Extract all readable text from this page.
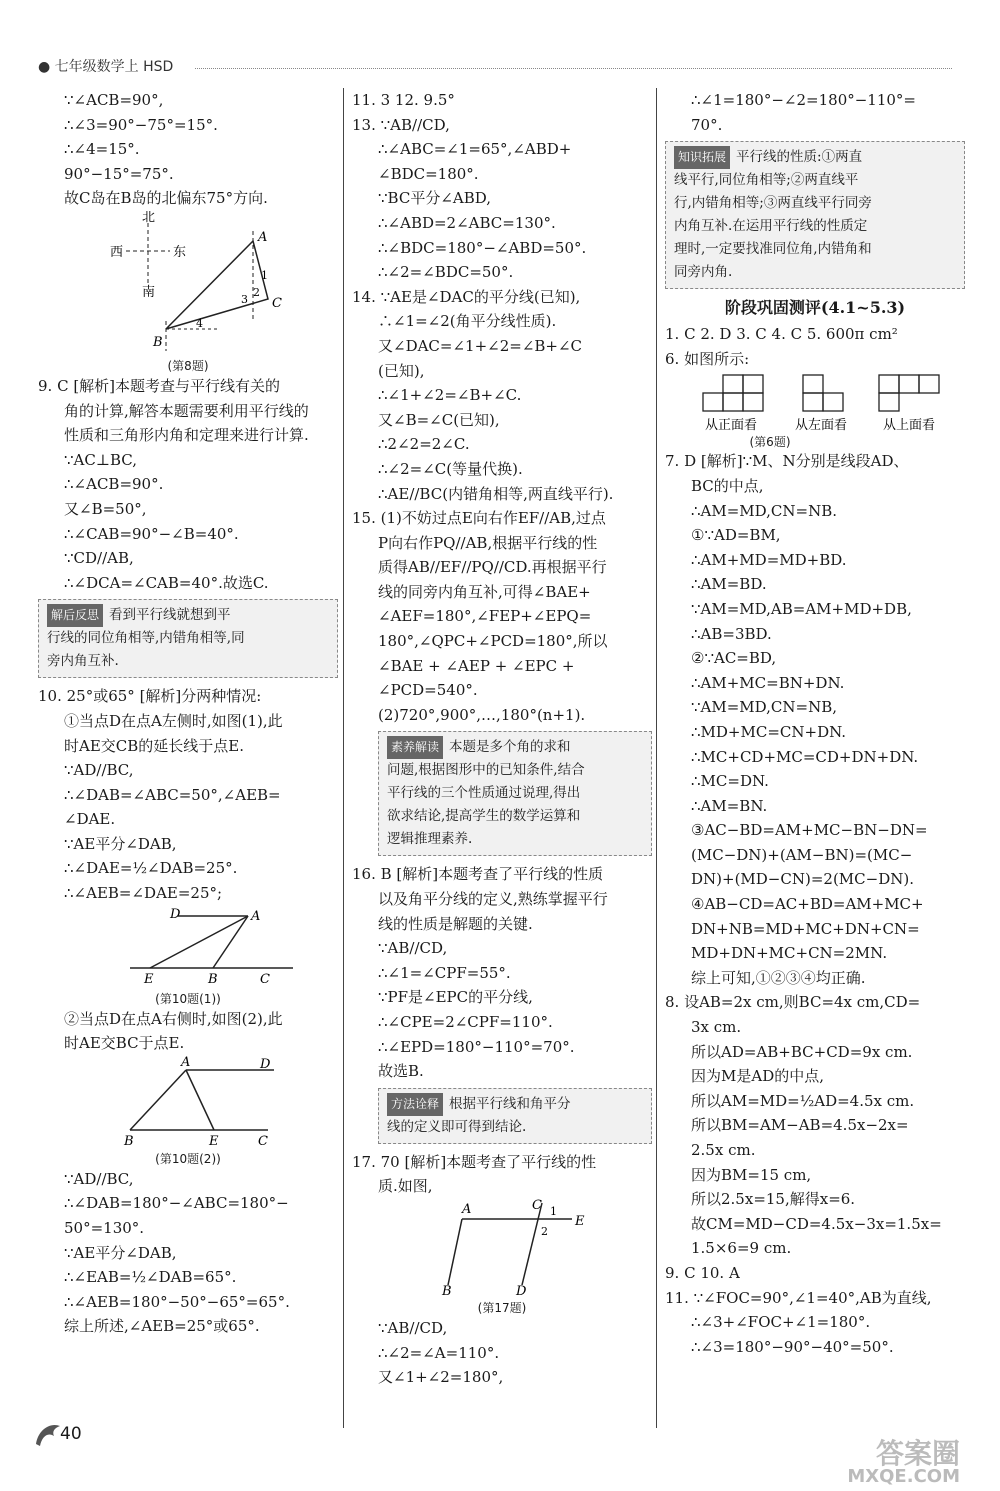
● 七年级数学上 HSD
∵∠ACB=90°,
∴∠3=90°−75°=15°.
∴∠4=15°.
90°−15°=75°.
故C岛在B岛的北偏东75°方向.
北
西	东
南
A
B
C
1
2
3
4
(第8题)
9. C [解析]本题考查与平行线有关的
角的计算,解答本题需要利用平行线的
性质和三角形内角和定理来进行计算.
∵AC⊥BC,
∴∠ACB=90°.
又∠B=50°,
∴∠CAB=90°−∠B=40°.
∵CD//AB,
∴∠DCA=∠CAB=40°.故选C.
解后反思 看到平行线就想到平
行线的同位角相等,内错角相等,同
旁内角互补.
10. 25°或65° [解析]分两种情况:
①当点D在点A左侧时,如图(1),此
时AE交CB的延长线于点E.
∵AD//BC,
∴∠DAB=∠ABC=50°,∠AEB=
∠DAE.
∵AE平分∠DAB,
∴∠DAE=½∠DAB=25°.
∴∠AEB=∠DAE=25°;
D	A
E	B	C
(第10题(1))
②当点D在点A右侧时,如图(2),此
时AE交BC于点E.
A	D
B	E	C
(第10题(2))
∵AD//BC,
∴∠DAB=180°−∠ABC=180°−
50°=130°.
∵AE平分∠DAB,
∴∠EAB=½∠DAB=65°.
∴∠AEB=180°−50°−65°=65°.
综上所述,∠AEB=25°或65°.
11. 3 12. 9.5°
13. ∵AB//CD,
∴∠ABC=∠1=65°,∠ABD+
∠BDC=180°.
∵BC平分∠ABD,
∴∠ABD=2∠ABC=130°.
∴∠BDC=180°−∠ABD=50°.
∴∠2=∠BDC=50°.
14. ∵AE是∠DAC的平分线(已知),
∴∠1=∠2(角平分线性质).
又∠DAC=∠1+∠2=∠B+∠C
(已知),
∴∠1+∠2=∠B+∠C.
又∠B=∠C(已知),
∴2∠2=2∠C.
∴∠2=∠C(等量代换).
∴AE//BC(内错角相等,两直线平行).
15. (1)不妨过点E向右作EF//AB,过点
P向右作PQ//AB,根据平行线的性
质得AB//EF//PQ//CD.再根据平行
线的同旁内角互补,可得∠BAE+
∠AEF=180°,∠FEP+∠EPQ=
180°,∠QPC+∠PCD=180°,所以
∠BAE + ∠AEP + ∠EPC +
∠PCD=540°.
(2)720°,900°,…,180°(n+1).
素养解读 本题是多个角的求和
问题,根据图形中的已知条件,结合
平行线的三个性质通过说理,得出
欲求结论,提高学生的数学运算和
逻辑推理素养.
16. B [解析]本题考查了平行线的性质
以及角平分线的定义,熟练掌握平行
线的性质是解题的关键.
∵AB//CD,
∴∠1=∠CPF=55°.
∵PF是∠EPC的平分线,
∴∠CPE=2∠CPF=110°.
∴∠EPD=180°−110°=70°.
故选B.
方法诠释 根据平行线和角平分
线的定义即可得到结论.
17. 70 [解析]本题考查了平行线的性
质.如图,
A	C
E
B	D
1
2
(第17题)
∵AB//CD,
∴∠2=∠A=110°.
又∠1+∠2=180°,
∴∠1=180°−∠2=180°−110°=
70°.
知识拓展 平行线的性质:①两直
线平行,同位角相等;②两直线平
行,内错角相等;③两直线平行同旁
内角互补.在运用平行线的性质定
理时,一定要找准同位角,内错角和
同旁内角.
阶段巩固测评(4.1~5.3)
1. C 2. D 3. C 4. C 5. 600π cm²
6. 如图所示:
从正面看	从左面看	从上面看
(第6题)
7. D [解析]∵M、N分别是线段AD、
BC的中点,
∴AM=MD,CN=NB.
①∵AD=BM,
∴AM+MD=MD+BD.
∴AM=BD.
∵AM=MD,AB=AM+MD+DB,
∴AB=3BD.
②∵AC=BD,
∴AM+MC=BN+DN.
∵AM=MD,CN=NB,
∴MD+MC=CN+DN.
∴MC+CD+MC=CD+DN+DN.
∴MC=DN.
∴AM=BN.
③AC−BD=AM+MC−BN−DN=
(MC−DN)+(AM−BN)=(MC−
DN)+(MD−CN)=2(MC−DN).
④AB−CD=AC+BD=AM+MC+
DN+NB=MD+MC+DN+CN=
MD+DN+MC+CN=2MN.
综上可知,①②③④均正确.
8. 设AB=2x cm,则BC=4x cm,CD=
3x cm.
所以AD=AB+BC+CD=9x cm.
因为M是AD的中点,
所以AM=MD=½AD=4.5x cm.
所以BM=AM−AB=4.5x−2x=
2.5x cm.
因为BM=15 cm,
所以2.5x=15,解得x=6.
故CM=MD−CD=4.5x−3x=1.5x=
1.5×6=9 cm.
9. C 10. A
11. ∵∠FOC=90°,∠1=40°,AB为直线,
∴∠3+∠FOC+∠1=180°.
∴∠3=180°−90°−40°=50°.
40
答案圈
MXQE.COM
